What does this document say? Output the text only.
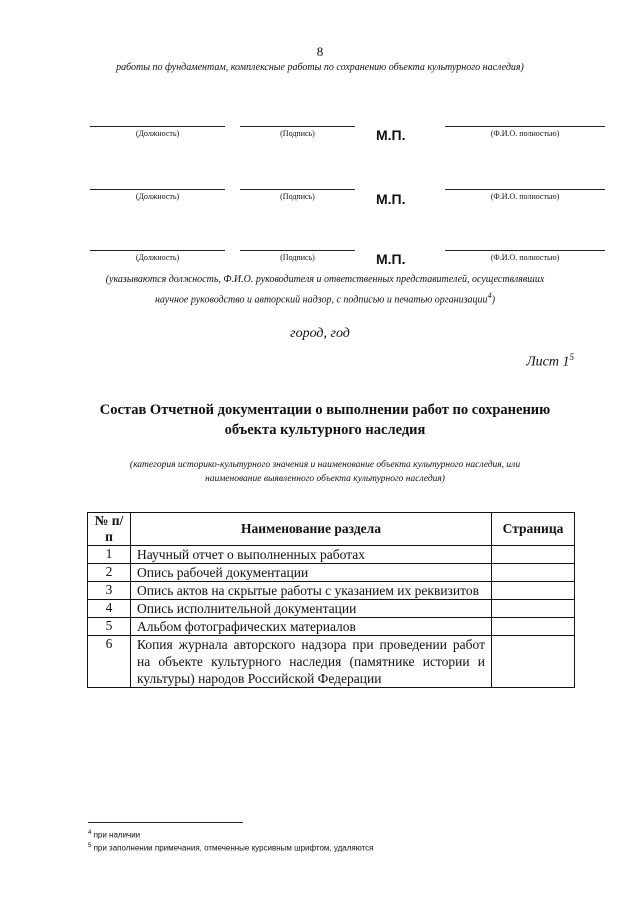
8
работы по фундаментам, комплексные работы по сохранению объекта культурного наследия)
(Должность)	(Подпись)	М.П.	(Ф.И.О. полностью)
(Должность)	(Подпись)	М.П.	(Ф.И.О. полностью)
(Должность)	(Подпись)	М.П.	(Ф.И.О. полностью)
(указываются должность, Ф.И.О. руководителя и ответственных представителей, осуществлявших
научное руководство и авторский надзор, с подписью и печатью организации$^4$)
город, год
Лист $1^5$
Состав Отчетной документации о выполнении работ по сохранению
объекта культурного наследия
(категория историко-культурного значения и наименование объекта культурного наследия, или
наименование выявленного объекта культурного наследия)
№ п/п	Наименование раздела	Страница
1	Научный отчет о выполненных работах	
2	Опись рабочей документации	
3	Опись актов на скрытые работы с указанием их реквизитов	
4	Опись исполнительной документации	
5	Альбом фотографических материалов	
6	Копия журнала авторского надзора при проведении работ на объекте культурного наследия (памятнике истории и культуры) народов Российской Федерации	
$^4$ при наличии
$^5$ при заполнении примечания, отмеченные курсивным шрифтом, удаляются
